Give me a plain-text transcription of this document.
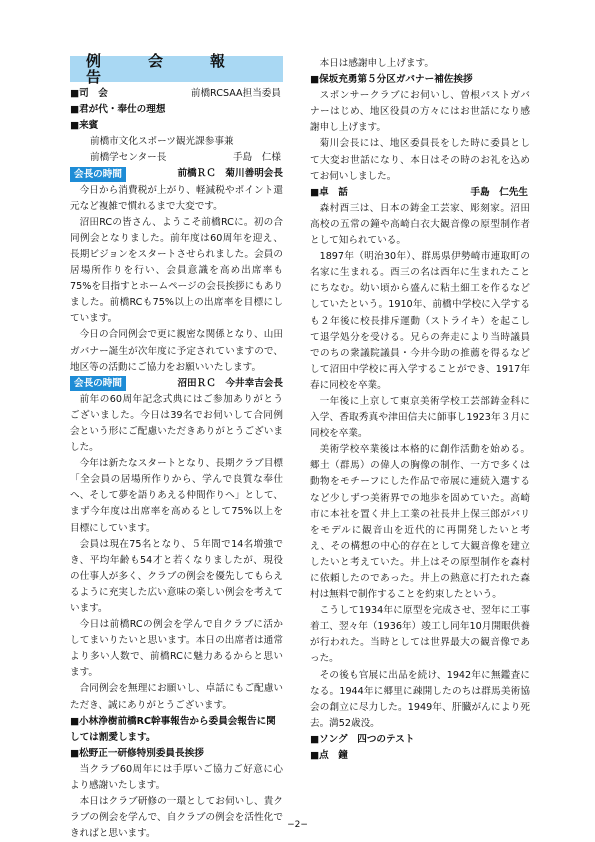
例　会　報　告
■司　会	前橋RCSAA担当委員
■君が代・奉仕の理想
■来賓
前橋市文化スポーツ観光課参事兼
前橋学センター長	手島　仁様
会長の時間	前橋ＲＣ　菊川善明会長
今日から消費税が上がり、軽減税やポイント還元など複雑で慣れるまで大変です。
沼田RCの皆さん、ようこそ前橋RCに。初の合同例会となりました。前年度は60周年を迎え、長期ビジョンをスタートさせられました。会員の居場所作りを行い、会員意識を高め出席率も75%を目指すとホームページの会長挨拶にもありました。前橋RCも75%以上の出席率を目標にしています。
今日の合同例会で更に親密な関係となり、山田ガバナー誕生が次年度に予定されていますので、地区等の活動にご協力をお願いいたします。
会長の時間	沼田ＲＣ　今井幸吉会長
前年の60周年記念式典にはご参加ありがとうございました。今日は39名でお伺いして合同例会という形にご配慮いただきありがとうございました。
今年は新たなスタートとなり、長期クラブ目標「全会員の居場所作りから、学んで良質な奉仕へ、そして夢を語りあえる仲間作りへ」として、まず今年度は出席率を高めるとして75%以上を目標にしています。
会員は現在75名となり、５年間で14名増強でき、平均年齢も54才と若くなりましたが、現役の仕事人が多く、クラブの例会を優先してもらえるように充実した広い意味の楽しい例会を考えています。
今日は前橋RCの例会を学んで自クラブに活かしてまいりたいと思います。本日の出席者は通常より多い人数で、前橋RCに魅力あるからと思います。
合同例会を無理にお願いし、卓話にもご配慮いただき、誠にありがとうございます。
■小林浄樹前橋RC幹事報告から委員会報告に関しては割愛します。
■松野正一研修特別委員長挨拶
当クラブ60周年には手厚いご協力ご好意に心より感謝いたします。
本日はクラブ研修の一環としてお伺いし、貴クラブの例会を学んで、自クラブの例会を活性化できればと思います。
本日は感謝申し上げます。
■保坂充勇第５分区ガバナー補佐挨拶
スポンサークラブにお伺いし、曽根パストガバナーはじめ、地区役員の方々にはお世話になり感謝申し上げます。
菊川会長には、地区委員長をした時に委員として大変お世話になり、本日はその時のお礼を込めてお伺いしました。
■卓　話	手島　仁先生
森村酉三は、日本の鋳金工芸家、彫刻家。沼田高校の五常の鐘や高崎白衣大観音像の原型制作者として知られている。
1897年（明治30年）、群馬県伊勢崎市連取町の名家に生まれる。酉三の名は酉年に生まれたことにちなむ。幼い頃から盛んに粘土細工を作るなどしていたという。1910年、前橋中学校に入学するも２年後に校長排斥運動（ストライキ）を起こして退学処分を受ける。兄らの奔走により当時議員でのちの衆議院議員・今井今助の推薦を得るなどして沼田中学校に再入学することができ、1917年春に同校を卒業。
一年後に上京して東京美術学校工芸部鋳金科に入学、香取秀真や津田信夫に師事し1923年３月に同校を卒業。
美術学校卒業後は本格的に創作活動を始める。郷土（群馬）の偉人の胸像の制作、一方で多くは動物をモチーフにした作品で帝展に連続入選するなど少しずつ美術界での地歩を固めていた。高崎市に本社を置く井上工業の社長井上保三郎がパリをモデルに観音山を近代的に再開発したいと考え、その構想の中心的存在として大観音像を建立したいと考えていた。井上はその原型制作を森村に依頼したのであった。井上の熱意に打たれた森村は無料で制作することを約束したという。
こうして1934年に原型を完成させ、翌年に工事着工、翌々年（1936年）竣工し同年10月開眼供養が行われた。当時としては世界最大の観音像であった。
その後も官展に出品を続け、1942年に無鑑査になる。1944年に郷里に疎開したのちは群馬美術協会の創立に尽力した。1949年、肝臓がんにより死去。満52歳没。
■ソング　四つのテスト
■点　鐘
−2−
